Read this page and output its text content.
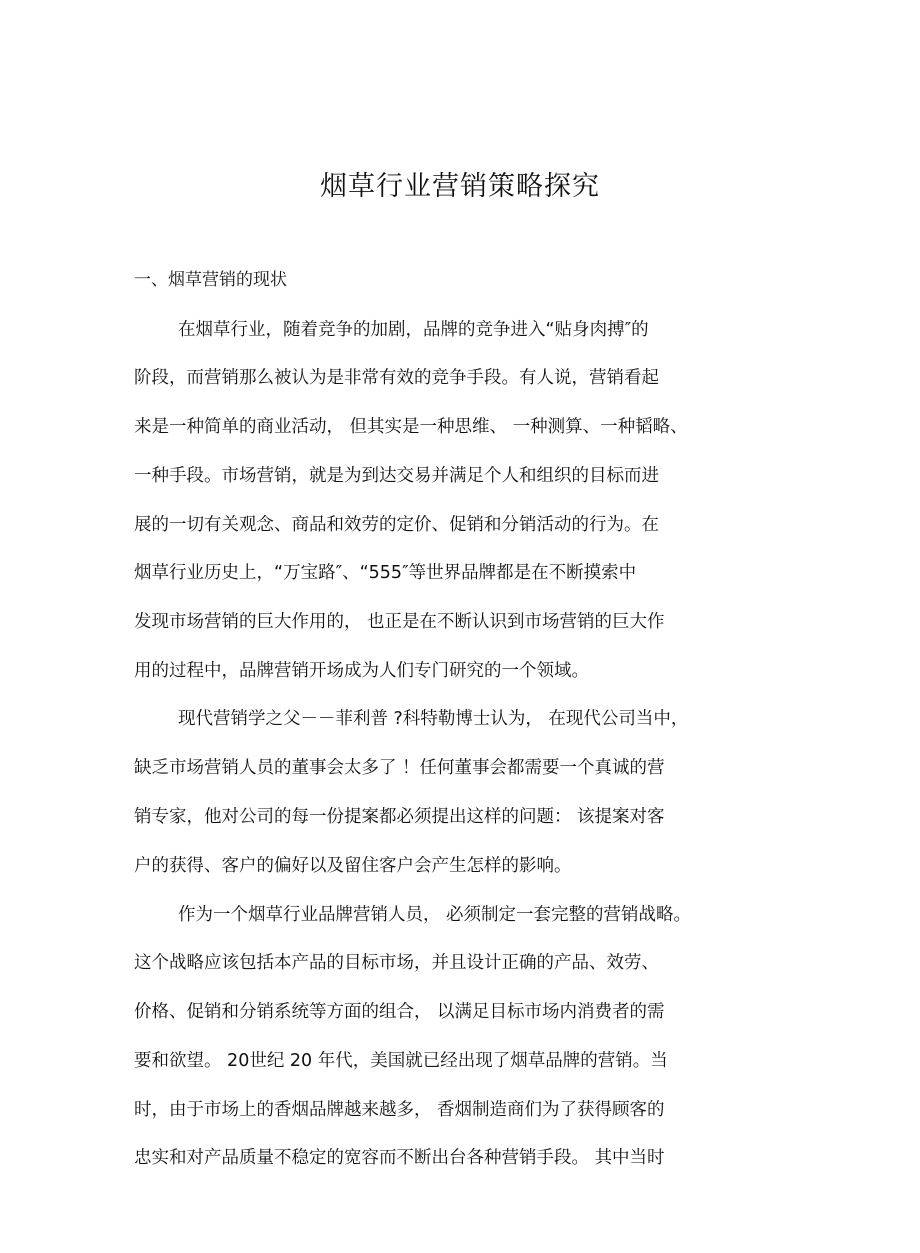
烟草行业营销策略探究
一、烟草营销的现状

在烟草行业，随着竞争的加剧，品牌的竞争进入“贴身肉搏″的

阶段，而营销那么被认为是非常有效的竞争手段。有人说，营销看起

来是一种简单的商业活动， 但其实是一种思维、 一种测算、一种韬略、

一种手段。市场营销，就是为到达交易并满足个人和组织的目标而进

展的一切有关观念、商品和效劳的定价、促销和分销活动的行为。在

烟草行业历史上，“万宝路″、“555″等世界品牌都是在不断摸索中

发现市场营销的巨大作用的， 也正是在不断认识到市场营销的巨大作

用的过程中，品牌营销开场成为人们专门研究的一个领域。

现代营销学之父－－菲利普 ?科特勒博士认为， 在现代公司当中，

缺乏市场营销人员的董事会太多了 ！任何董事会都需要一个真诚的营

销专家，他对公司的每一份提案都必须提出这样的问题： 该提案对客

户的获得、客户的偏好以及留住客户会产生怎样的影响。

作为一个烟草行业品牌营销人员， 必须制定一套完整的营销战略。

这个战略应该包括本产品的目标市场，并且设计正确的产品、效劳、

价格、促销和分销系统等方面的组合， 以满足目标市场内消费者的需

要和欲望。 20世纪 20 年代，美国就已经出现了烟草品牌的营销。当

时，由于市场上的香烟品牌越来越多， 香烟制造商们为了获得顾客的

忠实和对产品质量不稳定的宽容而不断出台各种营销手段。 其中当时
